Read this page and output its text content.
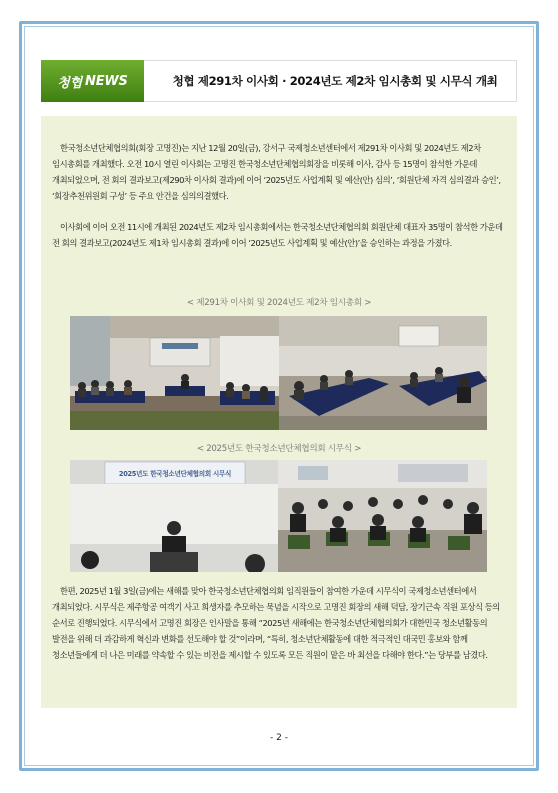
청협 NEWS	청협 제291차 이사회 · 2024년도 제2차 임시총회 및 시무식 개최

한국청소년단체협의회(회장 고명진)는 지난 12월 20일(금), 강서구 국제청소년센터에서 제291차 이사회 및 2024년도 제2차 임시총회를 개최했다. 오전 10시 열린 이사회는 고명진 한국청소년단체협의회장을 비롯해 이사, 감사 등 15명이 참석한 가운데 개최되었으며, 전 회의 결과보고(제290차 이사회 결과)에 이어 ‘2025년도 사업계획 및 예산(안) 심의’, ‘회원단체 자격 심의결과 승인’, ‘회장추천위원회 구성’ 등 주요 안건을 심의의결했다.

이사회에 이어 오전 11시에 개최된 2024년도 제2차 임시총회에서는 한국청소년단체협의회 회원단체 대표자 35명이 참석한 가운데 전 회의 결과보고(2024년도 제1차 임시총회 결과)에 이어 ‘2025년도 사업계획 및 예산(안)’을 승인하는 과정을 가졌다.

< 제291차 이사회 및 2024년도 제2차 임시총회 >
< 2025년도 한국청소년단체협의회 시무식 >
2025년도 한국청소년단체협의회 시무식

한편, 2025년 1월 3일(금)에는 새해를 맞아 한국청소년단체협의회 임직원들이 참여한 가운데 시무식이 국제청소년센터에서 개최되었다. 시무식은 제주항공 여객기 사고 희생자를 추모하는 묵념을 시작으로 고명진 회장의 새해 덕담, 장기근속 직원 포상식 등의 순서로 진행되었다. 시무식에서 고명진 회장은 인사말을 통해 “2025년 새해에는 한국청소년단체협의회가 대한민국 청소년활동의 발전을 위해 더 과감하게 혁신과 변화를 선도해야 할 것”이라며, “특히, 청소년단체활동에 대한 적극적인 대국민 홍보와 함께 청소년들에게 더 나은 미래를 약속할 수 있는 비전을 제시할 수 있도록 모든 직원이 맡은 바 최선을 다해야 한다.”는 당부를 남겼다.

- 2 -
